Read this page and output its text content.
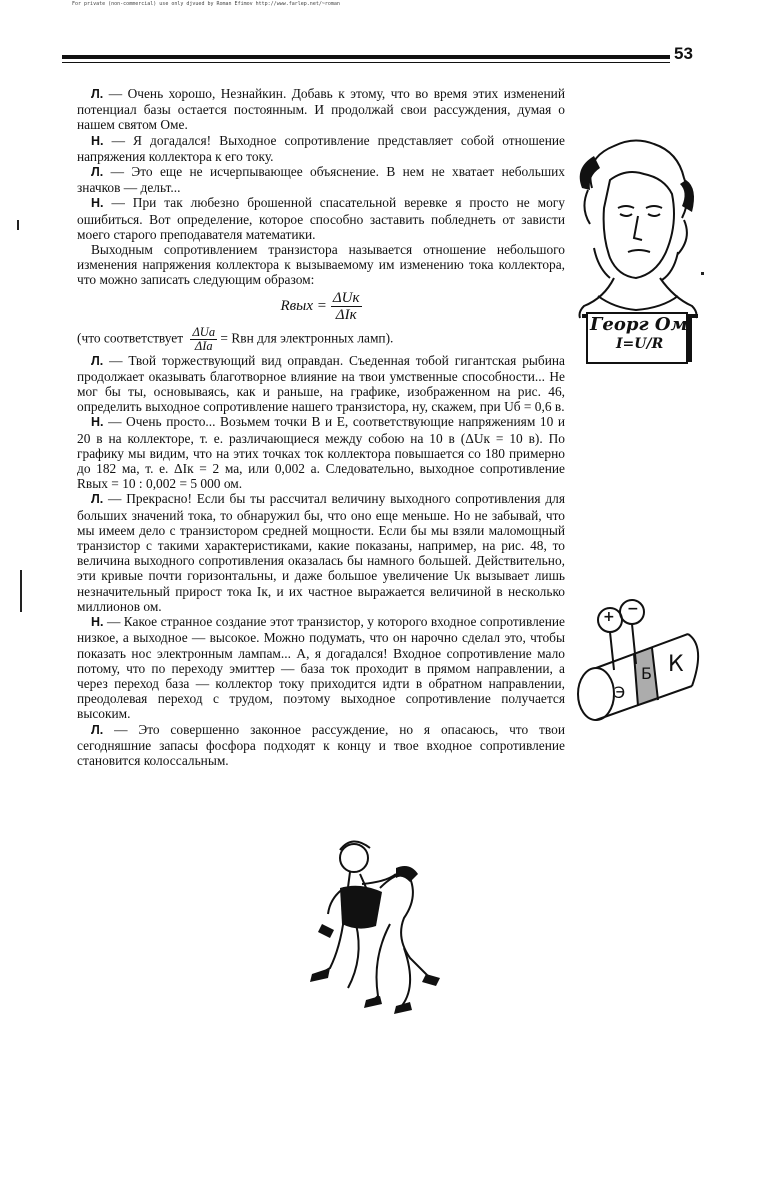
For private (non-commercial) use only djvued by Roman Efimov http://www.farlep.net/~roman
53

Л. — Очень хорошо, Незнайкин. Добавь к этому, что во время этих изменений потенциал базы остается постоянным. И продолжай свои рассуждения, думая о нашем святом Оме.

Н. — Я догадался! Выходное сопротивление представляет собой отношение напряжения коллектора к его току.

Л. — Это еще не исчерпывающее объяснение. В нем не хватает небольших значков — дельт...

Н. — При так любезно брошенной спасательной веревке я просто не могу ошибиться. Вот определение, которое способно заставить побледнеть от зависти моего старого преподавателя математики.

Выходным сопротивлением транзистора называется отношение небольшого изменения напряжения коллектора к вызываемому им изменению тока коллектора, что можно записать следующим образом:

Rвых = $\frac{\text{ΔUк}}{\text{ΔIк}}$

(что соответствует $\frac{\text{ΔUа}}{\text{ΔIа}}$ = Rвн для электронных ламп).

Л. — Твой торжествующий вид оправдан. Съеденная тобой гигантская рыбина продолжает оказывать благотворное влияние на твои умственные способности... Не мог бы ты, основываясь, как и раньше, на графике, изображенном на рис. 46, определить выходное сопротивление нашего транзистора, ну, скажем, при Uб = 0,6 в.

Н. — Очень просто... Возьмем точки B и E, соответствующие напряжениям 10 и 20 в на коллекторе, т. е. различающиеся между собою на 10 в (ΔUк = 10 в). По графику мы видим, что на этих точках ток коллектора повышается со 180 примерно до 182 ма, т. е. ΔIк = 2 ма, или 0,002 а. Следовательно, выходное сопротивление Rвых = 10 : 0,002 = 5 000 ом.

Л. — Прекрасно! Если бы ты рассчитал величину выходного сопротивления для больших значений тока, то обнаружил бы, что оно еще меньше. Но не забывай, что мы имеем дело с транзистором средней мощности. Если бы мы взяли маломощный транзистор с такими характеристиками, какие показаны, например, на рис. 48, то величина выходного сопротивления оказалась бы намного большей. Действительно, эти кривые почти горизонтальны, и даже большое увеличение Uк вызывает лишь незначительный прирост тока Iк, и их частное выражается величиной в несколько миллионов ом.

Н. — Какое странное создание этот транзистор, у которого входное сопротивление низкое, а выходное — высокое. Можно подумать, что он нарочно сделал это, чтобы показать нос электронным лампам... А, я догадался! Входное сопротивление мало потому, что по переходу эмиттер — база ток проходит в прямом направлении, а через переход база — коллектор току приходится идти в обратном направлении, преодолевая переход с трудом, поэтому выходное сопротивление получается высоким.

Л. — Это совершенно законное рассуждение, но я опасаюсь, что твои сегодняшние запасы фосфора подходят к концу и твое входное сопротивление становится колоссальным.

Георг Ом
I=U/R
+ −
Э
Б К
